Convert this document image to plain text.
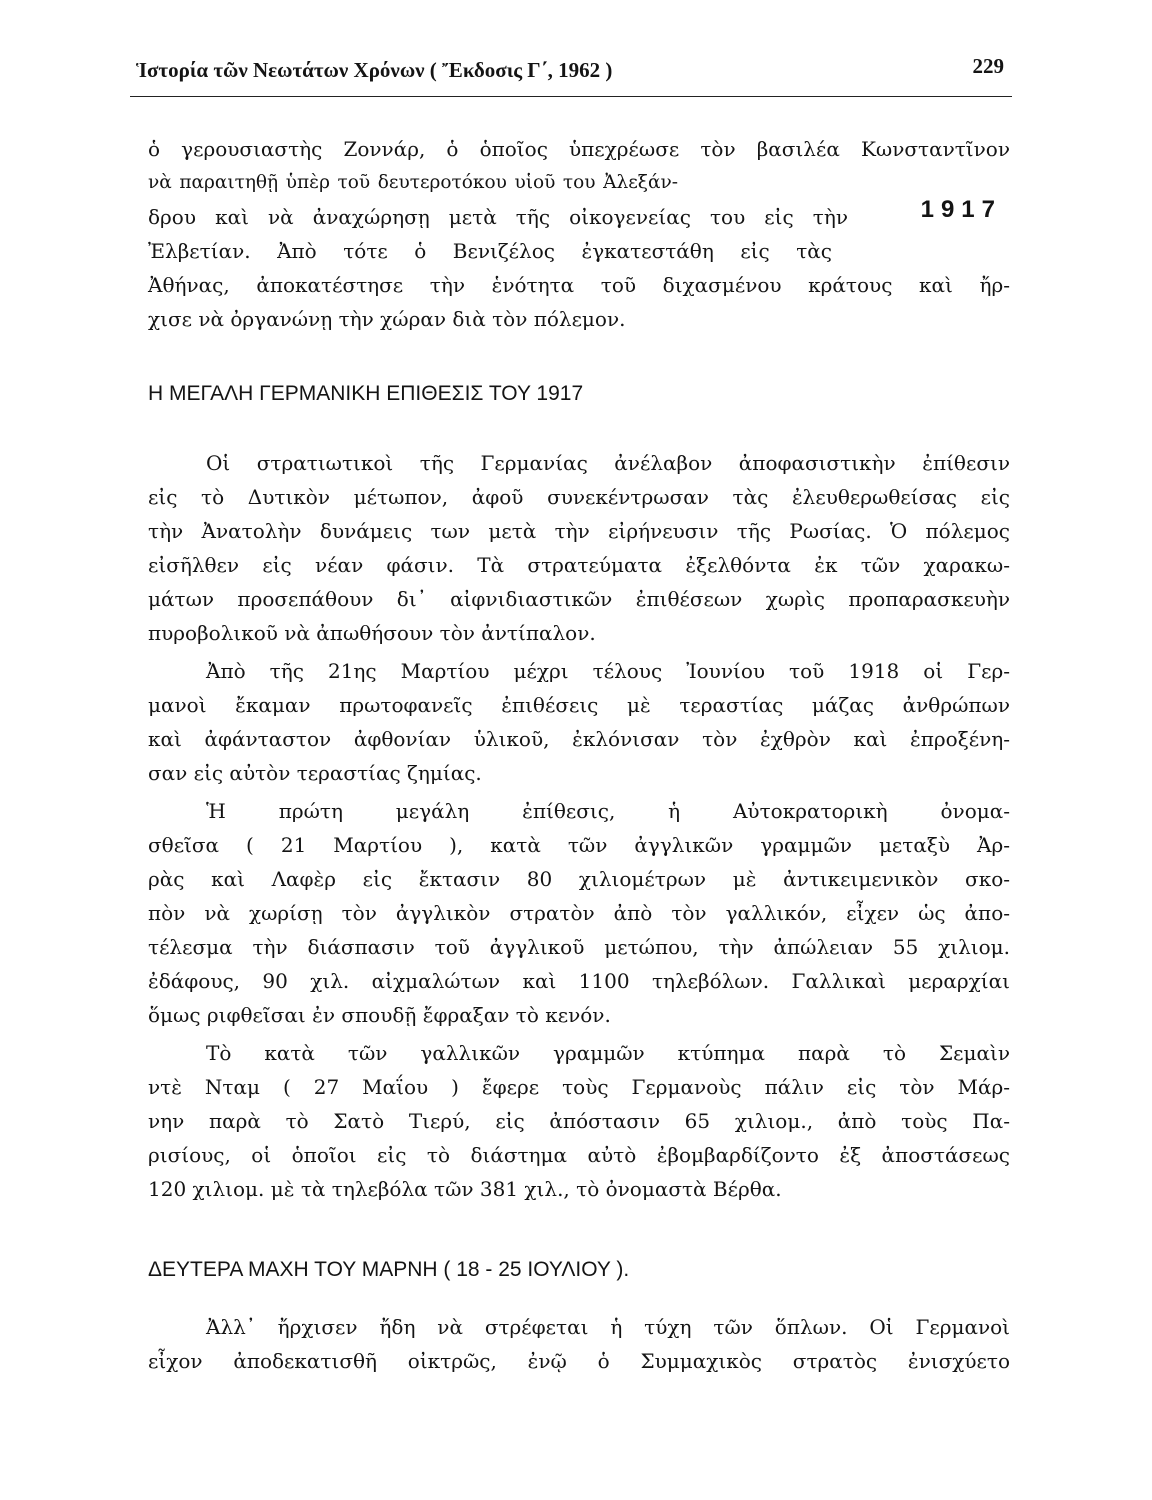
Ἱστορία τῶν Νεωτάτων Χρόνων ( Ἔκδοσις Γ΄, 1962 )	229
1917
ὁ γερουσιαστὴς Ζοννάρ, ὁ ὁποῖος ὑπεχρέωσε τὸν βασιλέα Κωνσταντῖνον
νὰ παραιτηθῇ ὑπὲρ τοῦ δευτεροτόκου υἱοῦ του Ἀλεξάν-
δρου καὶ νὰ ἀναχώρησῃ μετὰ τῆς οἰκογενείας του εἰς τὴν
Ἐλβετίαν. Ἀπὸ τότε ὁ Βενιζέλος ἐγκατεστάθη εἰς τὰς
Ἀθήνας, ἀποκατέστησε τὴν ἑνότητα τοῦ διχασμένου κράτους καὶ ἤρ-
χισε νὰ ὀργανώνῃ τὴν χώραν διὰ τὸν πόλεμον.
Η ΜΕΓΑΛΗ ΓΕΡΜΑΝΙΚΗ ΕΠΙΘΕΣΙΣ ΤΟΥ 1917
Οἱ στρατιωτικοὶ τῆς Γερμανίας ἀνέλαβον ἀποφασιστικὴν ἐπίθεσιν
εἰς τὸ Δυτικὸν μέτωπον, ἀφοῦ συνεκέντρωσαν τὰς ἐλευθερωθείσας εἰς
τὴν Ἀνατολὴν δυνάμεις των μετὰ τὴν εἰρήνευσιν τῆς Ρωσίας. Ὁ πόλεμος
εἰσῆλθεν εἰς νέαν φάσιν. Τὰ στρατεύματα ἐξελθόντα ἐκ τῶν χαρακω-
μάτων προσεπάθουν δι᾽ αἰφνιδιαστικῶν ἐπιθέσεων χωρὶς προπαρασκευὴν
πυροβολικοῦ νὰ ἀπωθήσουν τὸν ἀντίπαλον.
Ἀπὸ τῆς 21ης Μαρτίου μέχρι τέλους Ἰουνίου τοῦ 1918 οἱ Γερ-
μανοὶ ἔκαμαν πρωτοφανεῖς ἐπιθέσεις μὲ τεραστίας μάζας ἀνθρώπων
καὶ ἀφάνταστον ἀφθονίαν ὑλικοῦ, ἐκλόνισαν τὸν ἐχθρὸν καὶ ἐπροξένη-
σαν εἰς αὐτὸν τεραστίας ζημίας.
Ἡ πρώτη μεγάλη ἐπίθεσις, ἡ Αὐτοκρατορικὴ ὀνομα-
σθεῖσα ( 21 Μαρτίου ), κατὰ τῶν ἀγγλικῶν γραμμῶν μεταξὺ Ἀρ-
ρὰς καὶ Λαφὲρ εἰς ἔκτασιν 80 χιλιομέτρων μὲ ἀντικειμενικὸν σκο-
πὸν νὰ χωρίσῃ τὸν ἀγγλικὸν στρατὸν ἀπὸ τὸν γαλλικόν, εἶχεν ὡς ἀπο-
τέλεσμα τὴν διάσπασιν τοῦ ἀγγλικοῦ μετώπου, τὴν ἀπώλειαν 55 χιλιομ.
ἐδάφους, 90 χιλ. αἰχμαλώτων καὶ 1100 τηλεβόλων. Γαλλικαὶ μεραρχίαι
ὅμως ριφθεῖσαι ἐν σπουδῇ ἔφραξαν τὸ κενόν.
Τὸ κατὰ τῶν γαλλικῶν γραμμῶν κτύπημα παρὰ τὸ Σεμαὶν
ντὲ Νταμ ( 27 Μαΐου ) ἔφερε τοὺς Γερμανοὺς πάλιν εἰς τὸν Μάρ-
νην παρὰ τὸ Σατὸ Τιερύ, εἰς ἀπόστασιν 65 χιλιομ., ἀπὸ τοὺς Πα-
ρισίους, οἱ ὁποῖοι εἰς τὸ διάστημα αὐτὸ ἐβομβαρδίζοντο ἐξ ἀποστάσεως
120 χιλιομ. μὲ τὰ τηλεβόλα τῶν 381 χιλ., τὸ ὀνομαστὰ Βέρθα.
ΔΕΥΤΕΡΑ ΜΑΧΗ ΤΟΥ ΜΑΡΝΗ ( 18 - 25 ΙΟΥΛΙΟΥ ).
Ἀλλ᾽ ἤρχισεν ἤδη νὰ στρέφεται ἡ τύχη τῶν ὅπλων. Οἱ Γερμανοὶ
εἶχον ἀποδεκατισθῆ οἰκτρῶς, ἐνῷ ὁ Συμμαχικὸς στρατὸς ἐνισχύετο
